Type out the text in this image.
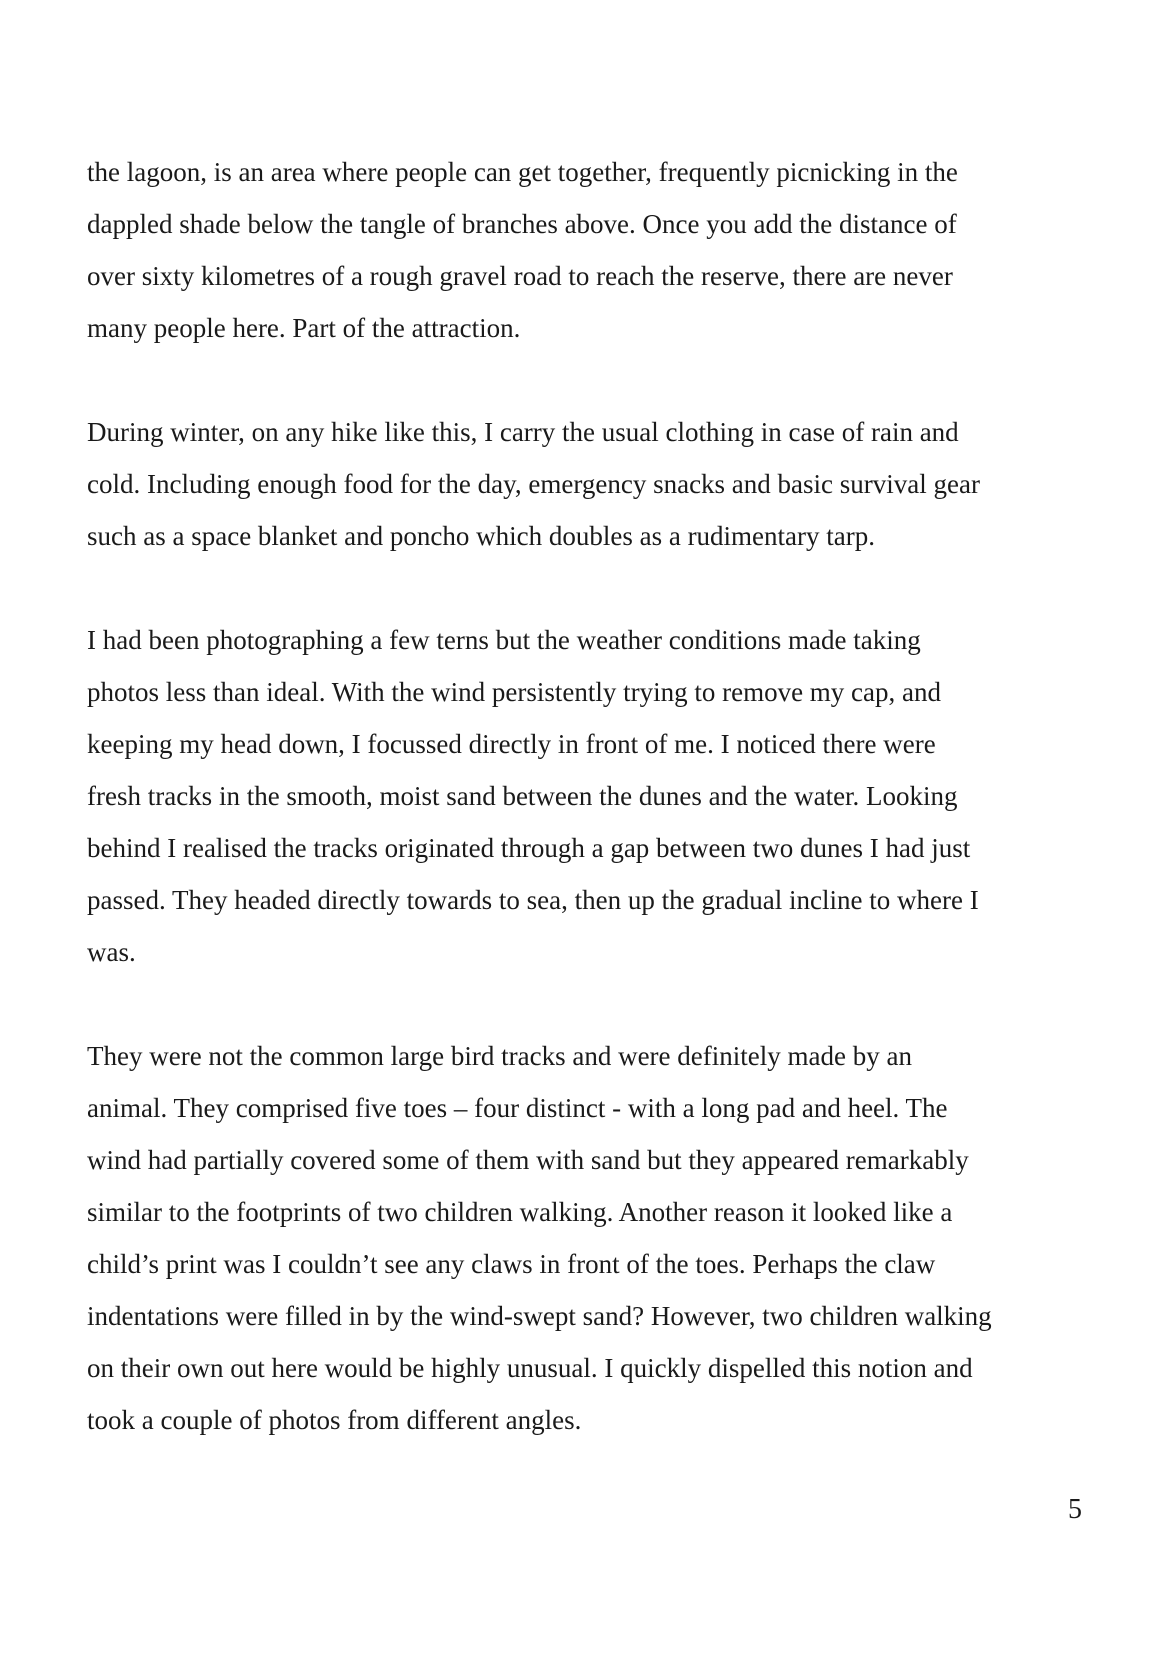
the lagoon, is an area where people can get together, frequently picnicking in the
dappled shade below the tangle of branches above. Once you add the distance of
over sixty kilometres of a rough gravel road to reach the reserve, there are never
many people here. Part of the attraction.

During winter, on any hike like this, I carry the usual clothing in case of rain and
cold. Including enough food for the day, emergency snacks and basic survival gear
such as a space blanket and poncho which doubles as a rudimentary tarp.

I had been photographing a few terns but the weather conditions made taking
photos less than ideal. With the wind persistently trying to remove my cap, and
keeping my head down, I focussed directly in front of me. I noticed there were
fresh tracks in the smooth, moist sand between the dunes and the water. Looking
behind I realised the tracks originated through a gap between two dunes I had just
passed. They headed directly towards to sea, then up the gradual incline to where I
was.

They were not the common large bird tracks and were definitely made by an
animal. They comprised five toes – four distinct - with a long pad and heel. The
wind had partially covered some of them with sand but they appeared remarkably
similar to the footprints of two children walking. Another reason it looked like a
child’s print was I couldn’t see any claws in front of the toes. Perhaps the claw
indentations were filled in by the wind-swept sand? However, two children walking
on their own out here would be highly unusual. I quickly dispelled this notion and
took a couple of photos from different angles.

5
